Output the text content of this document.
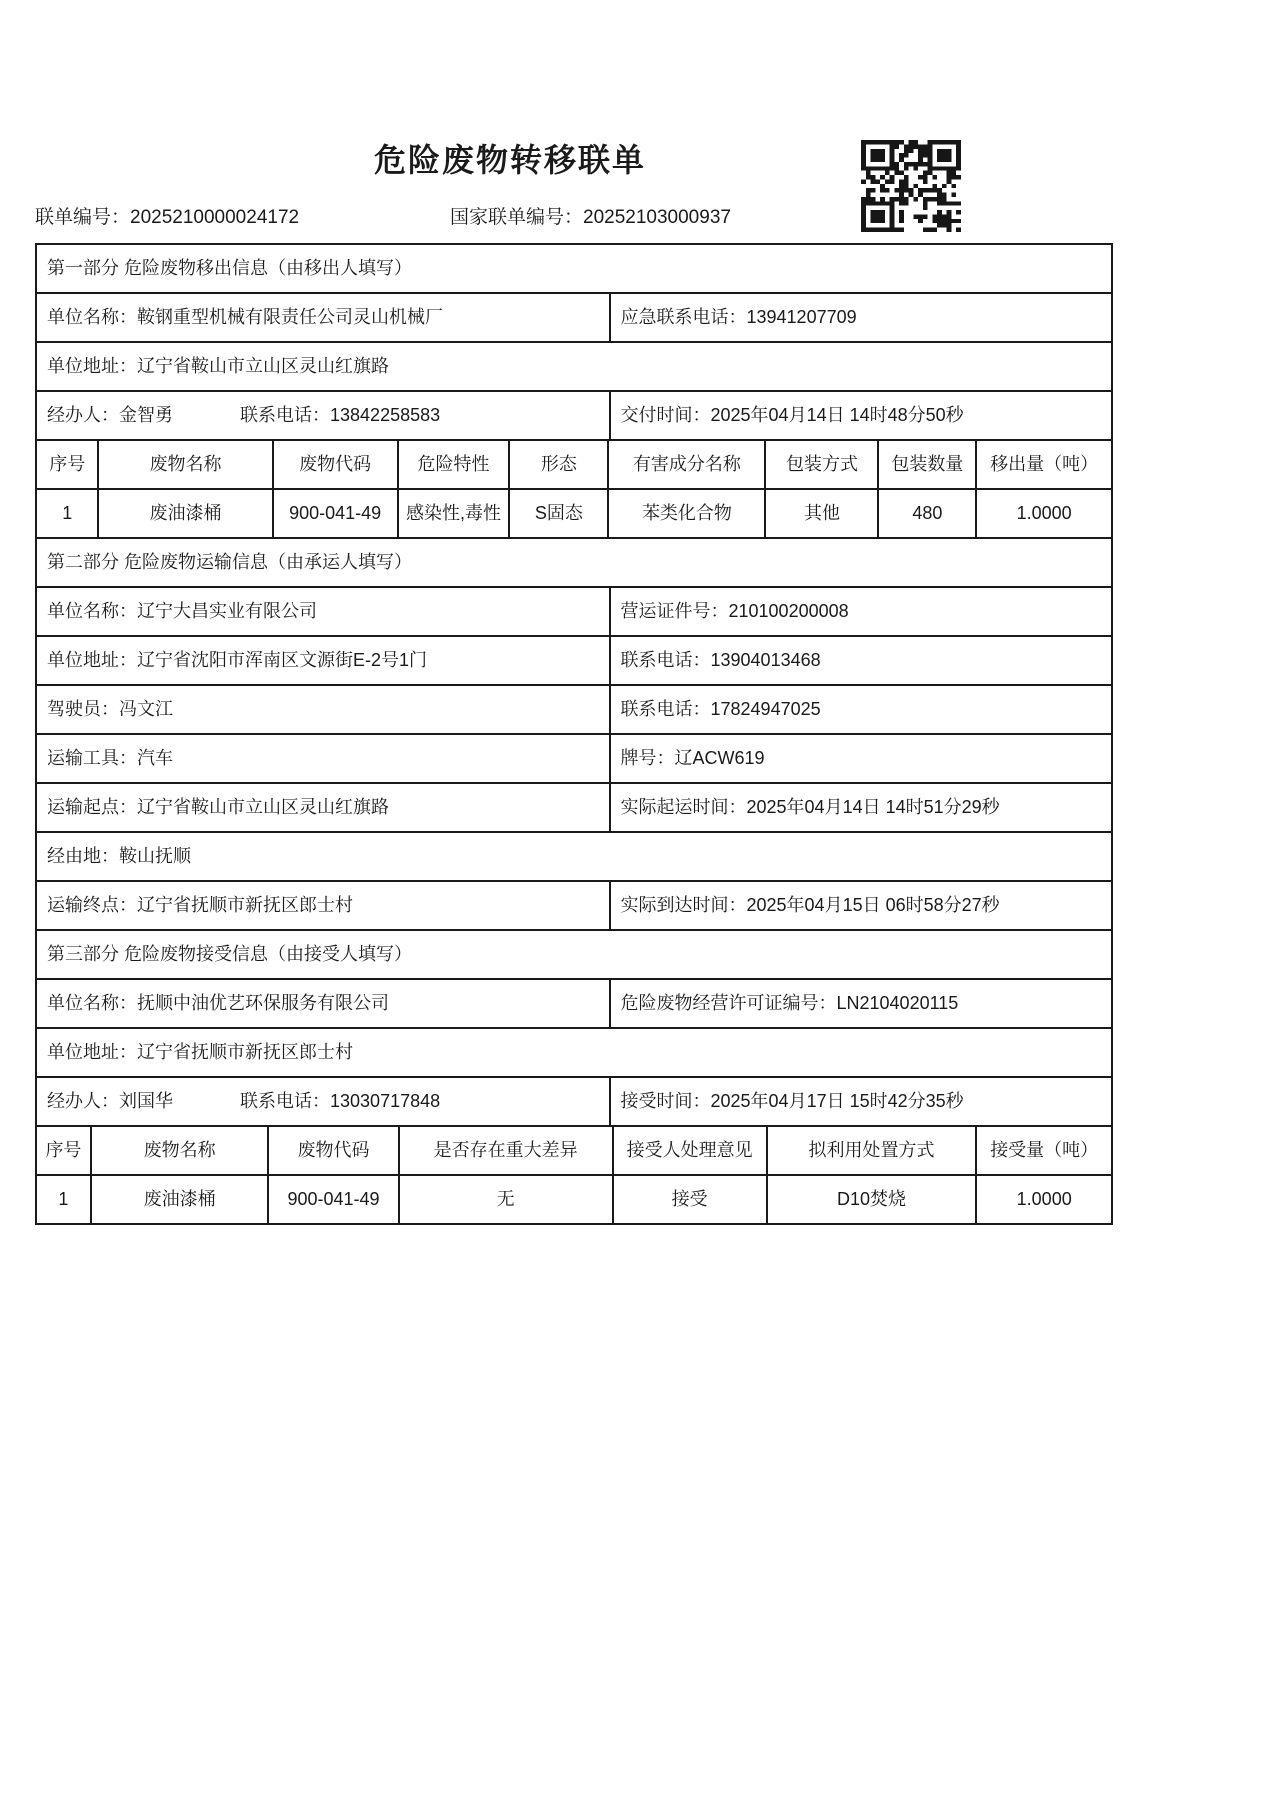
危险废物转移联单
联单编号：2025210000024172	国家联单编号：20252103000937
第一部分 危险废物移出信息（由移出人填写）	
单位名称：鞍钢重型机械有限责任公司灵山机械厂	应急联系电话：13941207709
单位地址：辽宁省鞍山市立山区灵山红旗路	
经办人：金智勇 联系电话：13842258583	交付时间：2025年04月14日 14时48分50秒
序号	废物名称	废物代码	危险特性	形态	有害成分名称	包装方式	包装数量	移出量（吨）
1	废油漆桶	900-041-49	感染性,毒性	S固态	苯类化合物	其他	480	1.0000
第二部分 危险废物运输信息（由承运人填写）	
单位名称：辽宁大昌实业有限公司	营运证件号：210100200008
单位地址：辽宁省沈阳市浑南区文源街E-2号1门	联系电话：13904013468
驾驶员：冯文江	联系电话：17824947025
运输工具：汽车	牌号：辽ACW619
运输起点：辽宁省鞍山市立山区灵山红旗路	实际起运时间：2025年04月14日 14时51分29秒
经由地：鞍山抚顺	
运输终点：辽宁省抚顺市新抚区郎士村	实际到达时间：2025年04月15日 06时58分27秒
第三部分 危险废物接受信息（由接受人填写）	
单位名称：抚顺中油优艺环保服务有限公司	危险废物经营许可证编号：LN2104020115
单位地址：辽宁省抚顺市新抚区郎士村	
经办人：刘国华 联系电话：13030717848	接受时间：2025年04月17日 15时42分35秒
序号	废物名称	废物代码	是否存在重大差异	接受人处理意见	拟利用处置方式	接受量（吨）
1	废油漆桶	900-041-49	无	接受	D10焚烧	1.0000
